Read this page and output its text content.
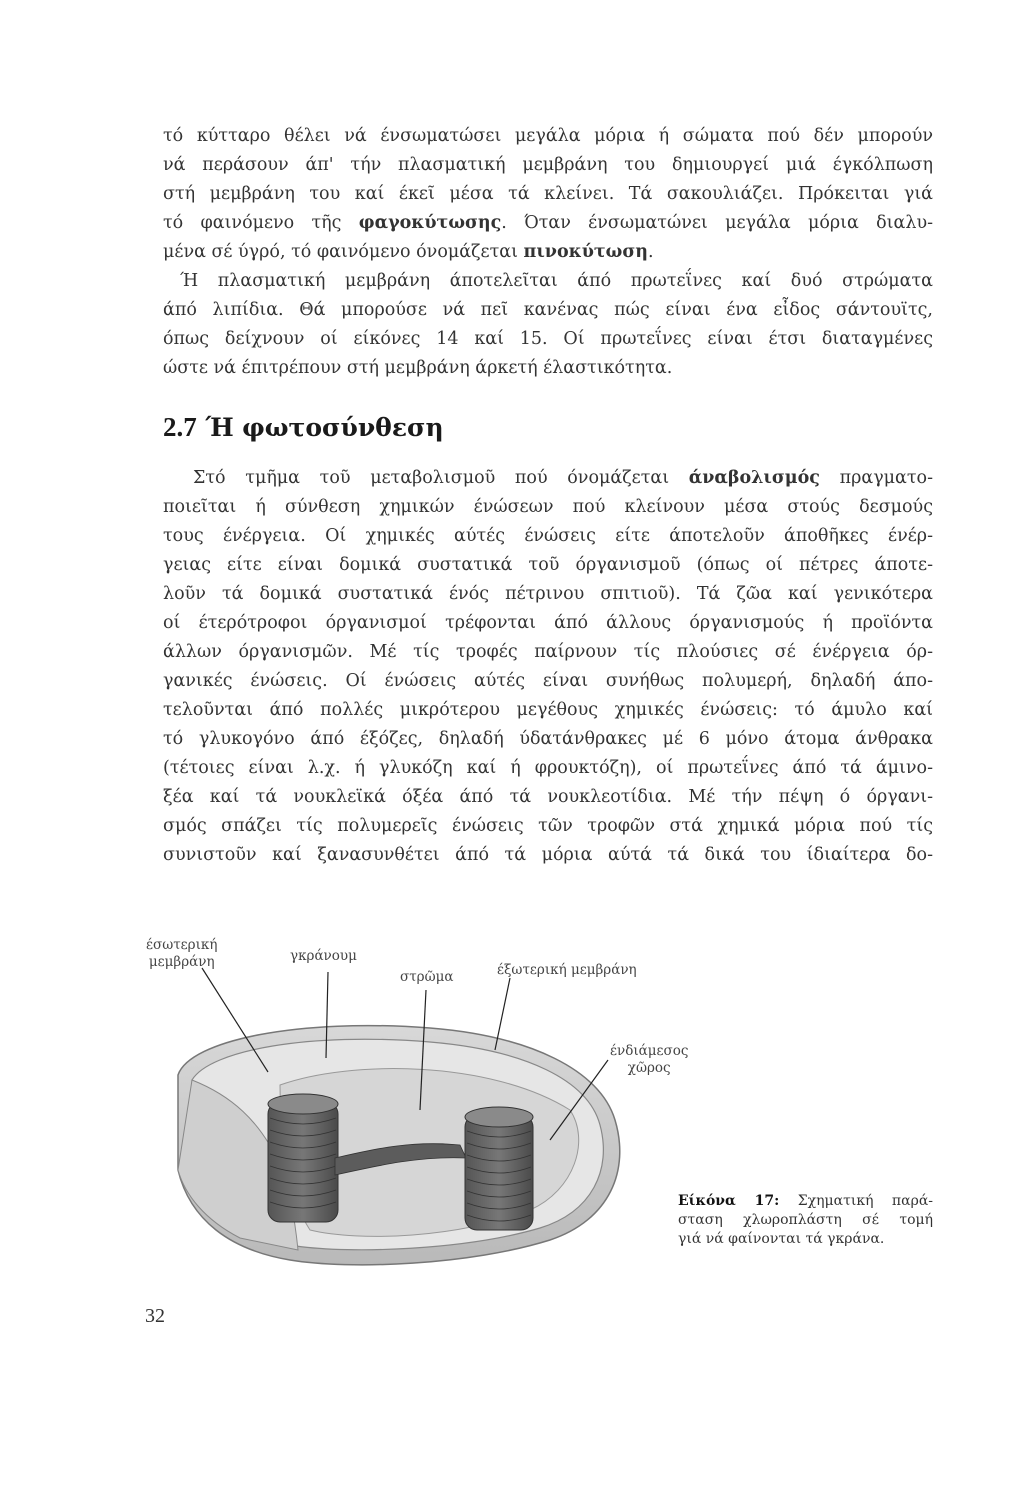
τό κύτταρο θέλει νά ένσωματώσει μεγάλα μόρια ή σώματα πού δέν μπορούν
νά περάσουν άπ' τήν πλασματική μεμβράνη του δημιουργεί μιά έγκόλπωση
στή μεμβράνη του καί έκεῖ μέσα τά κλείνει. Τά σακουλιάζει. Πρόκειται γιά
τό φαινόμενο τῆς φαγοκύτωσης. Όταν ένσωματώνει μεγάλα μόρια διαλυ-
μένα σέ ύγρό, τό φαινόμενο όνομάζεται πινοκύτωση.
Ή πλασματική μεμβράνη άποτελεῖται άπό πρωτεΐνες καί δυό στρώματα
άπό λιπίδια. Θά μπορούσε νά πεῖ κανένας πώς είναι ένα εἶδος σάντουϊτς,
όπως δείχνουν οί είκόνες 14 καί 15. Οί πρωτεΐνες είναι έτσι διαταγμένες
ώστε νά έπιτρέπουν στή μεμβράνη άρκετή έλαστικότητα.
2.7 Ή φωτοσύνθεση
Στό τμῆμα τοῦ μεταβολισμοῦ πού όνομάζεται άναβολισμός πραγματο-
ποιεῖται ή σύνθεση χημικών ένώσεων πού κλείνουν μέσα στούς δεσμούς
τους ένέργεια. Οί χημικές αύτές ένώσεις είτε άποτελοῦν άποθῆκες ένέρ-
γειας είτε είναι δομικά συστατικά τοῦ όργανισμοῦ (όπως οί πέτρες άποτε-
λοῦν τά δομικά συστατικά ένός πέτρινου σπιτιοῦ). Τά ζῶα καί γενικότερα
οί έτερότροφοι όργανισμοί τρέφονται άπό άλλους όργανισμούς ή προϊόντα
άλλων όργανισμῶν. Μέ τίς τροφές παίρνουν τίς πλούσιες σέ ένέργεια όρ-
γανικές ένώσεις. Οί ένώσεις αύτές είναι συνήθως πολυμερή, δηλαδή άπο-
τελοῦνται άπό πολλές μικρότερου μεγέθους χημικές ένώσεις: τό άμυλο καί
τό γλυκογόνο άπό έξόζες, δηλαδή ύδατάνθρακες μέ 6 μόνο άτομα άνθρακα
(τέτοιες είναι λ.χ. ή γλυκόζη καί ή φρουκτόζη), οί πρωτεΐνες άπό τά άμινο-
ξέα καί τά νουκλεϊκά όξέα άπό τά νουκλεοτίδια. Μέ τήν πέψη ό όργανι-
σμός σπάζει τίς πολυμερεῖς ένώσεις τῶν τροφῶν στά χημικά μόρια πού τίς
συνιστοῦν καί ξανασυνθέτει άπό τά μόρια αύτά τά δικά του ίδιαίτερα δο-
έσωτερική
μεμβράνη	γκράνουμ
στρῶμα	έξωτερική μεμβράνη
ένδιάμεσος
χῶρος
Είκόνα 17: Σχηματική παρά-
σταση χλωροπλάστη σέ τομή
γιά νά φαίνονται τά γκράνα.
32
